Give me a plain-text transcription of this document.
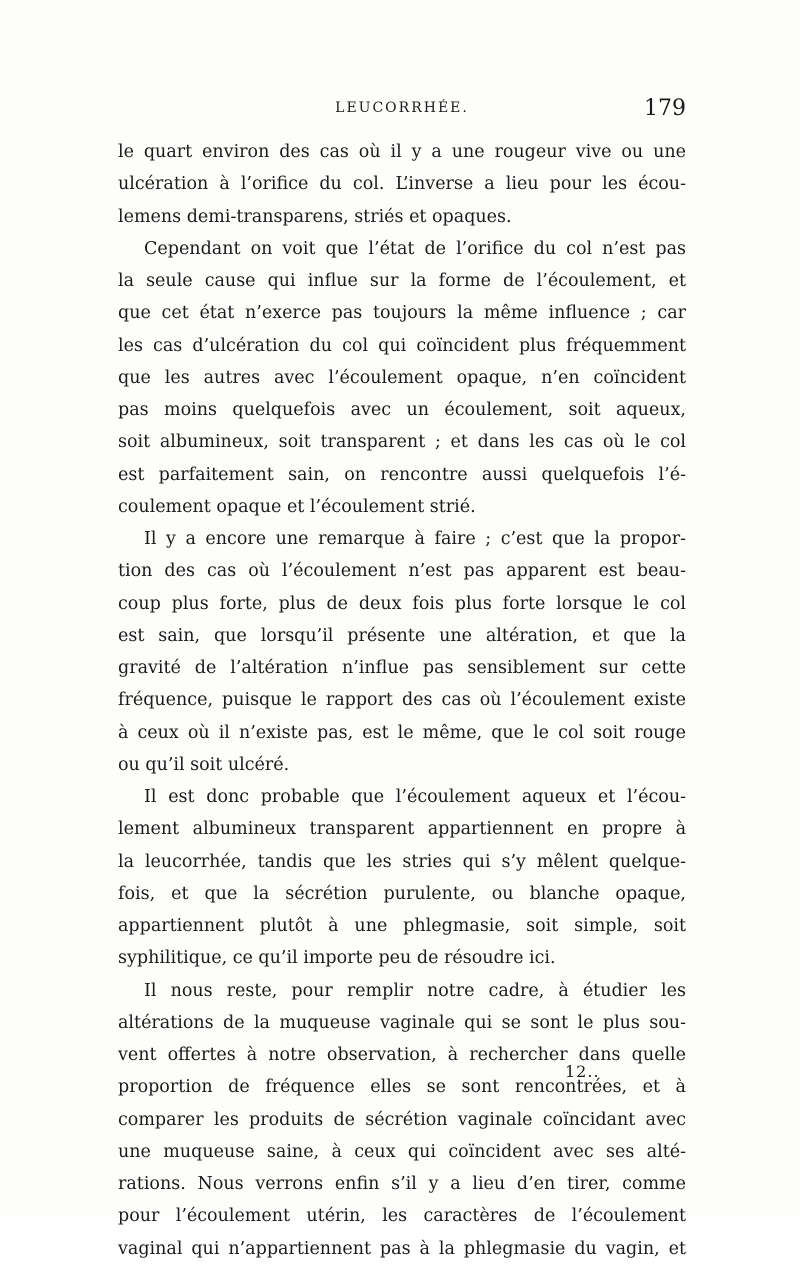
LEUCORRHÉE.	179
le quart environ des cas où il y a une rougeur vive ou une
ulcération à l’orifice du col. L’inverse a lieu pour les écou-
lemens demi-transparens, striés et opaques.
Cependant on voit que l’état de l’orifice du col n’est pas
la seule cause qui influe sur la forme de l’écoulement, et
que cet état n’exerce pas toujours la même influence ; car
les cas d’ulcération du col qui coïncident plus fréquemment
que les autres avec l’écoulement opaque, n’en coïncident
pas moins quelquefois avec un écoulement, soit aqueux,
soit albumineux, soit transparent ; et dans les cas où le col
est parfaitement sain, on rencontre aussi quelquefois l’é-
coulement opaque et l’écoulement strié.
Il y a encore une remarque à faire ; c’est que la propor-
tion des cas où l’écoulement n’est pas apparent est beau-
coup plus forte, plus de deux fois plus forte lorsque le col
est sain, que lorsqu’il présente une altération, et que la
gravité de l’altération n’influe pas sensiblement sur cette
fréquence, puisque le rapport des cas où l’écoulement existe
à ceux où il n’existe pas, est le même, que le col soit rouge
ou qu’il soit ulcéré.
Il est donc probable que l’écoulement aqueux et l’écou-
lement albumineux transparent appartiennent en propre à
la leucorrhée, tandis que les stries qui s’y mêlent quelque-
fois, et que la sécrétion purulente, ou blanche opaque,
appartiennent plutôt à une phlegmasie, soit simple, soit
syphilitique, ce qu’il importe peu de résoudre ici.
Il nous reste, pour remplir notre cadre, à étudier les
altérations de la muqueuse vaginale qui se sont le plus sou-
vent offertes à notre observation, à rechercher dans quelle
proportion de fréquence elles se sont rencontrées, et à
comparer les produits de sécrétion vaginale coïncidant avec
une muqueuse saine, à ceux qui coïncident avec ses alté-
rations. Nous verrons enfin s’il y a lieu d’en tirer, comme
pour l’écoulement utérin, les caractères de l’écoulement
vaginal qui n’appartiennent pas à la phlegmasie du vagin, et
12..
